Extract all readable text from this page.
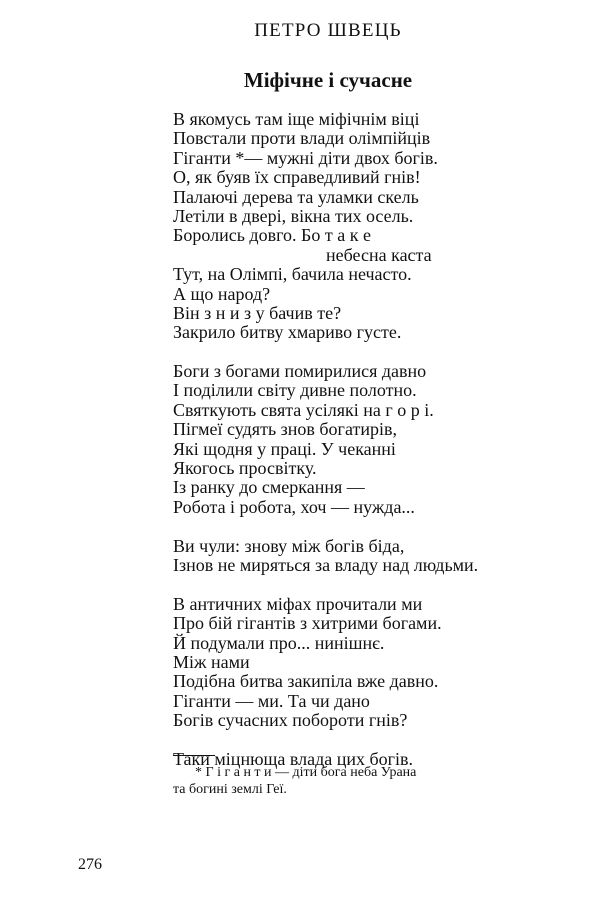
ПЕТРО ШВЕЦЬ
Міфічне і сучасне
В якомусь там іще міфічнім віці
Повстали проти влади олімпійців
Гіганти *— мужні діти двох богів.
О, як буяв їх справедливий гнів!
Палаючі дерева та уламки скель
Летіли в двері, вікна тих осель.
Боролись довго. Бо т а к е
небесна каста
Тут, на Олімпі, бачила нечасто.
А що народ?
Він з н и з у бачив те?
Закрило битву хмариво густе.
Боги з богами помирилися давно
І поділили світу дивне полотно.
Святкують свята усілякі на г о р і.
Пігмеї судять знов богатирів,
Які щодня у праці. У чеканні
Якогось просвітку.
Із ранку до смеркання —
Робота і робота, хоч — нужда...
Ви чули: знову між богів біда,
Ізнов не миряться за владу над людьми.
В античних міфах прочитали ми
Про бій гігантів з хитрими богами.
Й подумали про... нинішнє.
Між нами
Подібна битва закипіла вже давно.
Гіганти — ми. Та чи дано
Богів сучасних побороти гнів?
Таки міцнюща влада цих богів.
* Г і г а н т и — діти бога неба Урана
та богині землі Геї.
276
